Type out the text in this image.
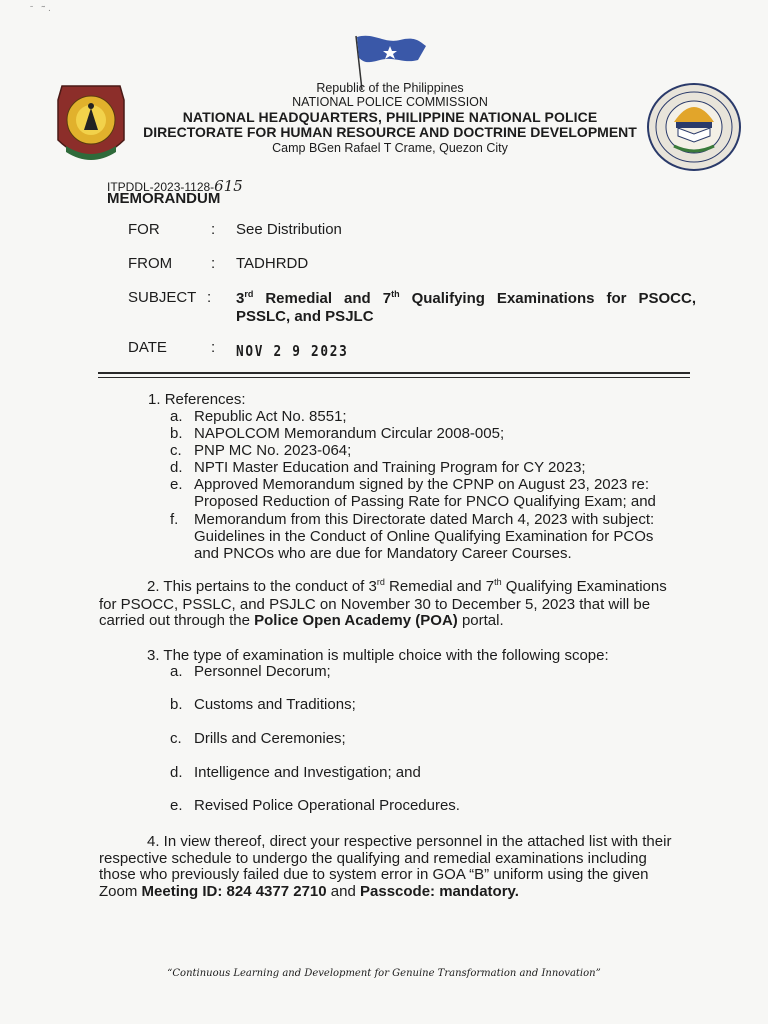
ˉ   ˜ ·
Republic of the Philippines
NATIONAL POLICE COMMISSION
NATIONAL HEADQUARTERS, PHILIPPINE NATIONAL POLICE
DIRECTORATE FOR HUMAN RESOURCE AND DOCTRINE DEVELOPMENT
Camp BGen Rafael T Crame, Quezon City
ITPDDL-2023-1128-615
MEMORANDUM
FOR	: See Distribution
FROM	: TADHRDD
SUBJECT : 3rd Remedial and 7th Qualifying Examinations for PSOCC, PSSLC, and PSJLC
DATE	: NOV 2 9 2023
1. References:
a. Republic Act No. 8551;
b. NAPOLCOM Memorandum Circular 2008-005;
c. PNP MC No. 2023-064;
d. NPTI Master Education and Training Program for CY 2023;
e. Approved Memorandum signed by the CPNP on August 23, 2023 re:
Proposed Reduction of Passing Rate for PNCO Qualifying Exam; and
f. Memorandum from this Directorate dated March 4, 2023 with subject:
Guidelines in the Conduct of Online Qualifying Examination for PCOs
and PNCOs who are due for Mandatory Career Courses.
2. This pertains to the conduct of 3rd Remedial and 7th Qualifying Examinations
for PSOCC, PSSLC, and PSJLC on November 30 to December 5, 2023 that will be
carried out through the Police Open Academy (POA) portal.
3. The type of examination is multiple choice with the following scope:
a. Personnel Decorum;
b. Customs and Traditions;
c. Drills and Ceremonies;
d. Intelligence and Investigation; and
e. Revised Police Operational Procedures.
4. In view thereof, direct your respective personnel in the attached list with their
respective schedule to undergo the qualifying and remedial examinations including
those who previously failed due to system error in GOA “B” uniform using the given
Zoom Meeting ID: 824 4377 2710 and Passcode: mandatory.
“Continuous Learning and Development for Genuine Transformation and Innovation”
